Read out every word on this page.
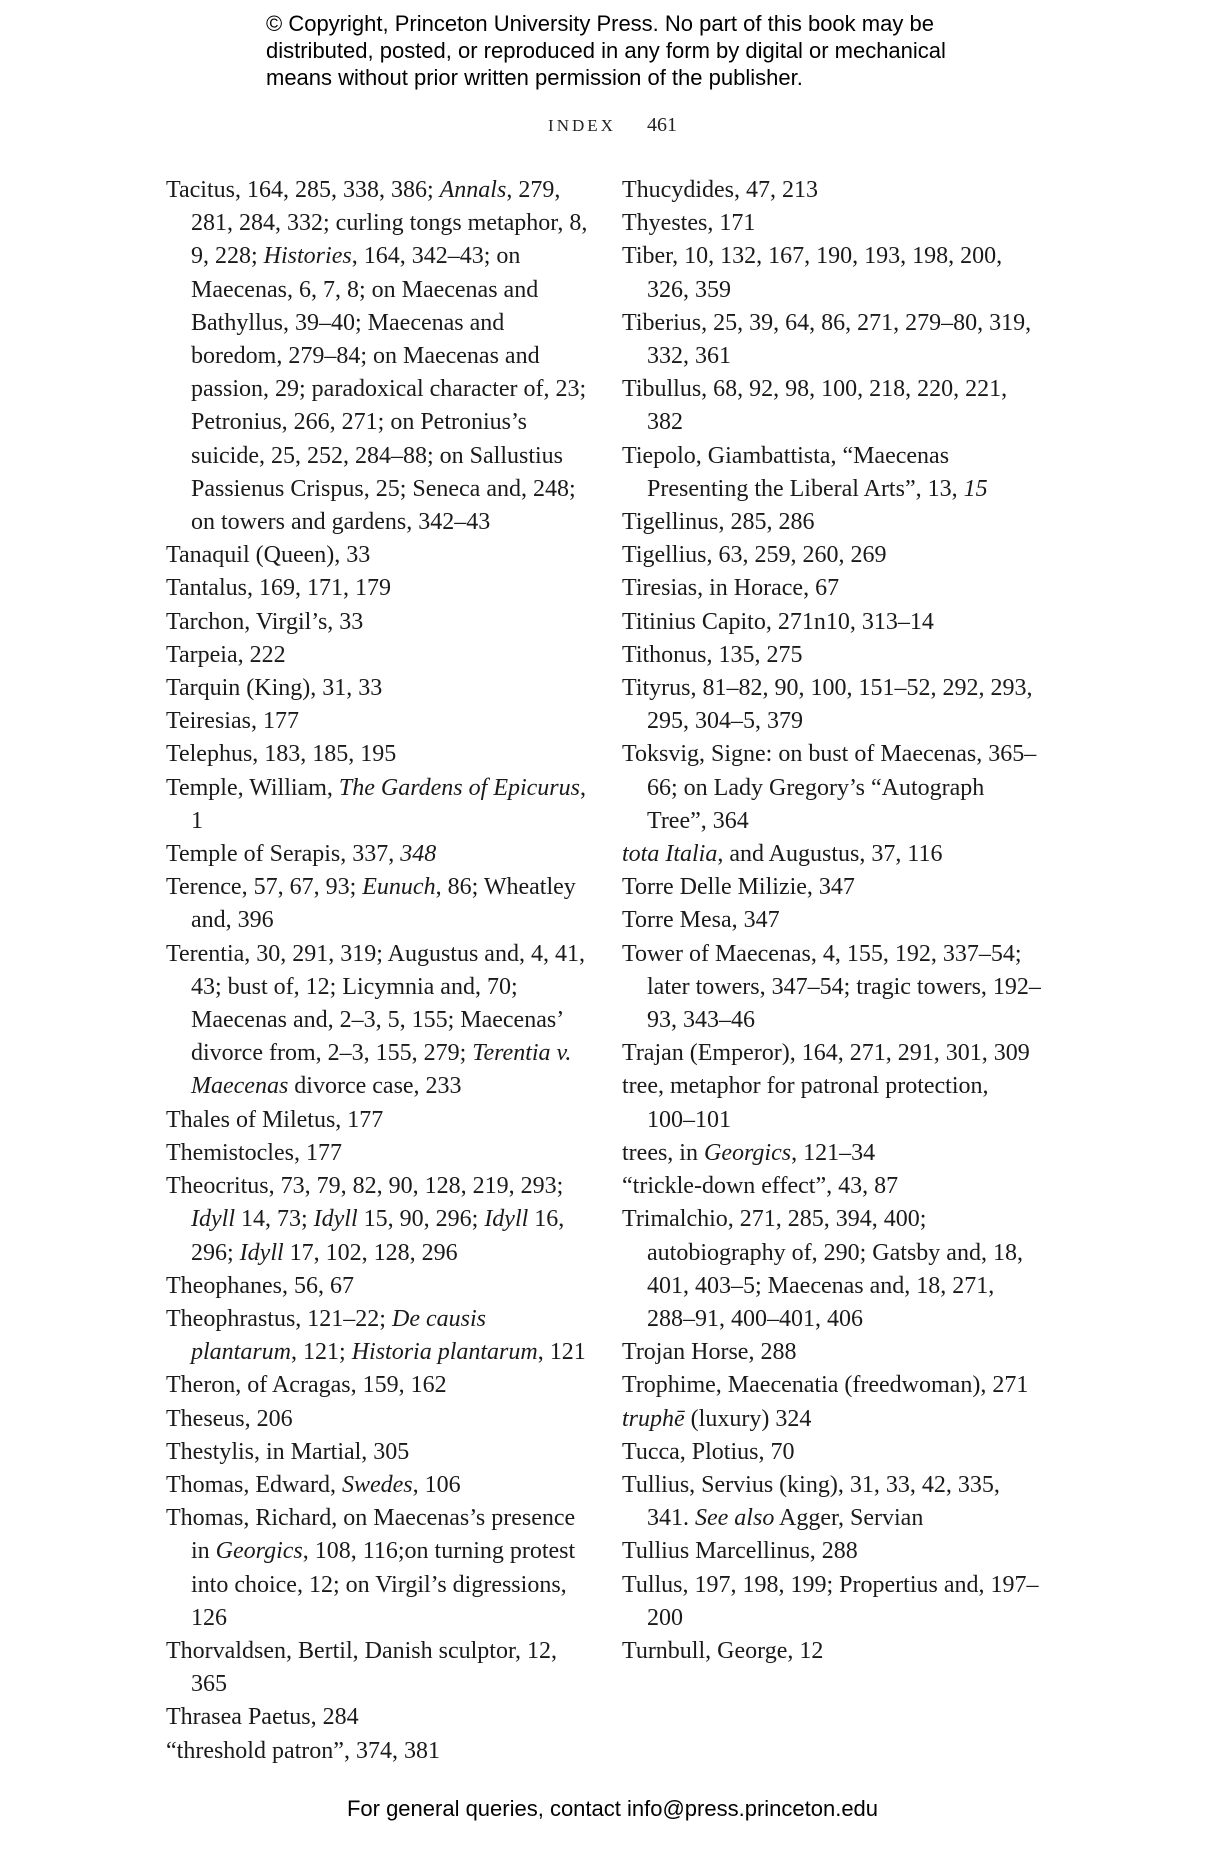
© Copyright, Princeton University Press. No part of this book may be
distributed, posted, or reproduced in any form by digital or mechanical
means without prior written permission of the publisher.
INDEX 461

Tacitus, 164, 285, 338, 386; Annals, 279, 281, 284, 332; curling tongs metaphor, 8, 9, 228; Histories, 164, 342–43; on Maecenas, 6, 7, 8; on Maecenas and Bathyllus, 39–40; Maecenas and boredom, 279–84; on Maecenas and passion, 29; paradoxical character of, 23; Petronius, 266, 271; on Petronius’s suicide, 25, 252, 284–88; on Sallustius Passienus Crispus, 25; Seneca and, 248; on towers and gardens, 342–43

Tanaquil (Queen), 33

Tantalus, 169, 171, 179

Tarchon, Virgil’s, 33

Tarpeia, 222

Tarquin (King), 31, 33

Teiresias, 177

Telephus, 183, 185, 195

Temple, William, The Gardens of Epicurus, 1

Temple of Serapis, 337, 348

Terence, 57, 67, 93; Eunuch, 86; Wheatley and, 396

Terentia, 30, 291, 319; Augustus and, 4, 41, 43; bust of, 12; Licymnia and, 70; Maecenas and, 2–3, 5, 155; Maecenas’ divorce from, 2–3, 155, 279; Terentia v. Maecenas divorce case, 233

Thales of Miletus, 177

Themistocles, 177

Theocritus, 73, 79, 82, 90, 128, 219, 293; Idyll 14, 73; Idyll 15, 90, 296; Idyll 16, 296; Idyll 17, 102, 128, 296

Theophanes, 56, 67

Theophrastus, 121–22; De causis plantarum, 121; Historia plantarum, 121

Theron, of Acragas, 159, 162

Theseus, 206

Thestylis, in Martial, 305

Thomas, Edward, Swedes, 106

Thomas, Richard, on Maecenas’s presence in Georgics, 108, 116;on turning protest into choice, 12; on Virgil’s digressions, 126

Thorvaldsen, Bertil, Danish sculptor, 12, 365

Thrasea Paetus, 284

“threshold patron”, 374, 381

Thucydides, 47, 213

Thyestes, 171

Tiber, 10, 132, 167, 190, 193, 198, 200, 326, 359

Tiberius, 25, 39, 64, 86, 271, 279–80, 319, 332, 361

Tibullus, 68, 92, 98, 100, 218, 220, 221, 382

Tiepolo, Giambattista, “Maecenas Presenting the Liberal Arts”, 13, 15

Tigellinus, 285, 286

Tigellius, 63, 259, 260, 269

Tiresias, in Horace, 67

Titinius Capito, 271n10, 313–14

Tithonus, 135, 275

Tityrus, 81–82, 90, 100, 151–52, 292, 293, 295, 304–5, 379

Toksvig, Signe: on bust of Maecenas, 365–66; on Lady Gregory’s “Autograph Tree”, 364

tota Italia, and Augustus, 37, 116

Torre Delle Milizie, 347

Torre Mesa, 347

Tower of Maecenas, 4, 155, 192, 337–54; later towers, 347–54; tragic towers, 192–93, 343–46

Trajan (Emperor), 164, 271, 291, 301, 309

tree, metaphor for patronal protection, 100–101

trees, in Georgics, 121–34

“trickle-down effect”, 43, 87

Trimalchio, 271, 285, 394, 400; autobiography of, 290; Gatsby and, 18, 401, 403–5; Maecenas and, 18, 271, 288–91, 400–401, 406

Trojan Horse, 288

Trophime, Maecenatia (freedwoman), 271

truphē (luxury) 324

Tucca, Plotius, 70

Tullius, Servius (king), 31, 33, 42, 335, 341. See also Agger, Servian

Tullius Marcellinus, 288

Tullus, 197, 198, 199; Propertius and, 197–200

Turnbull, George, 12

For general queries, contact info@press.princeton.edu
